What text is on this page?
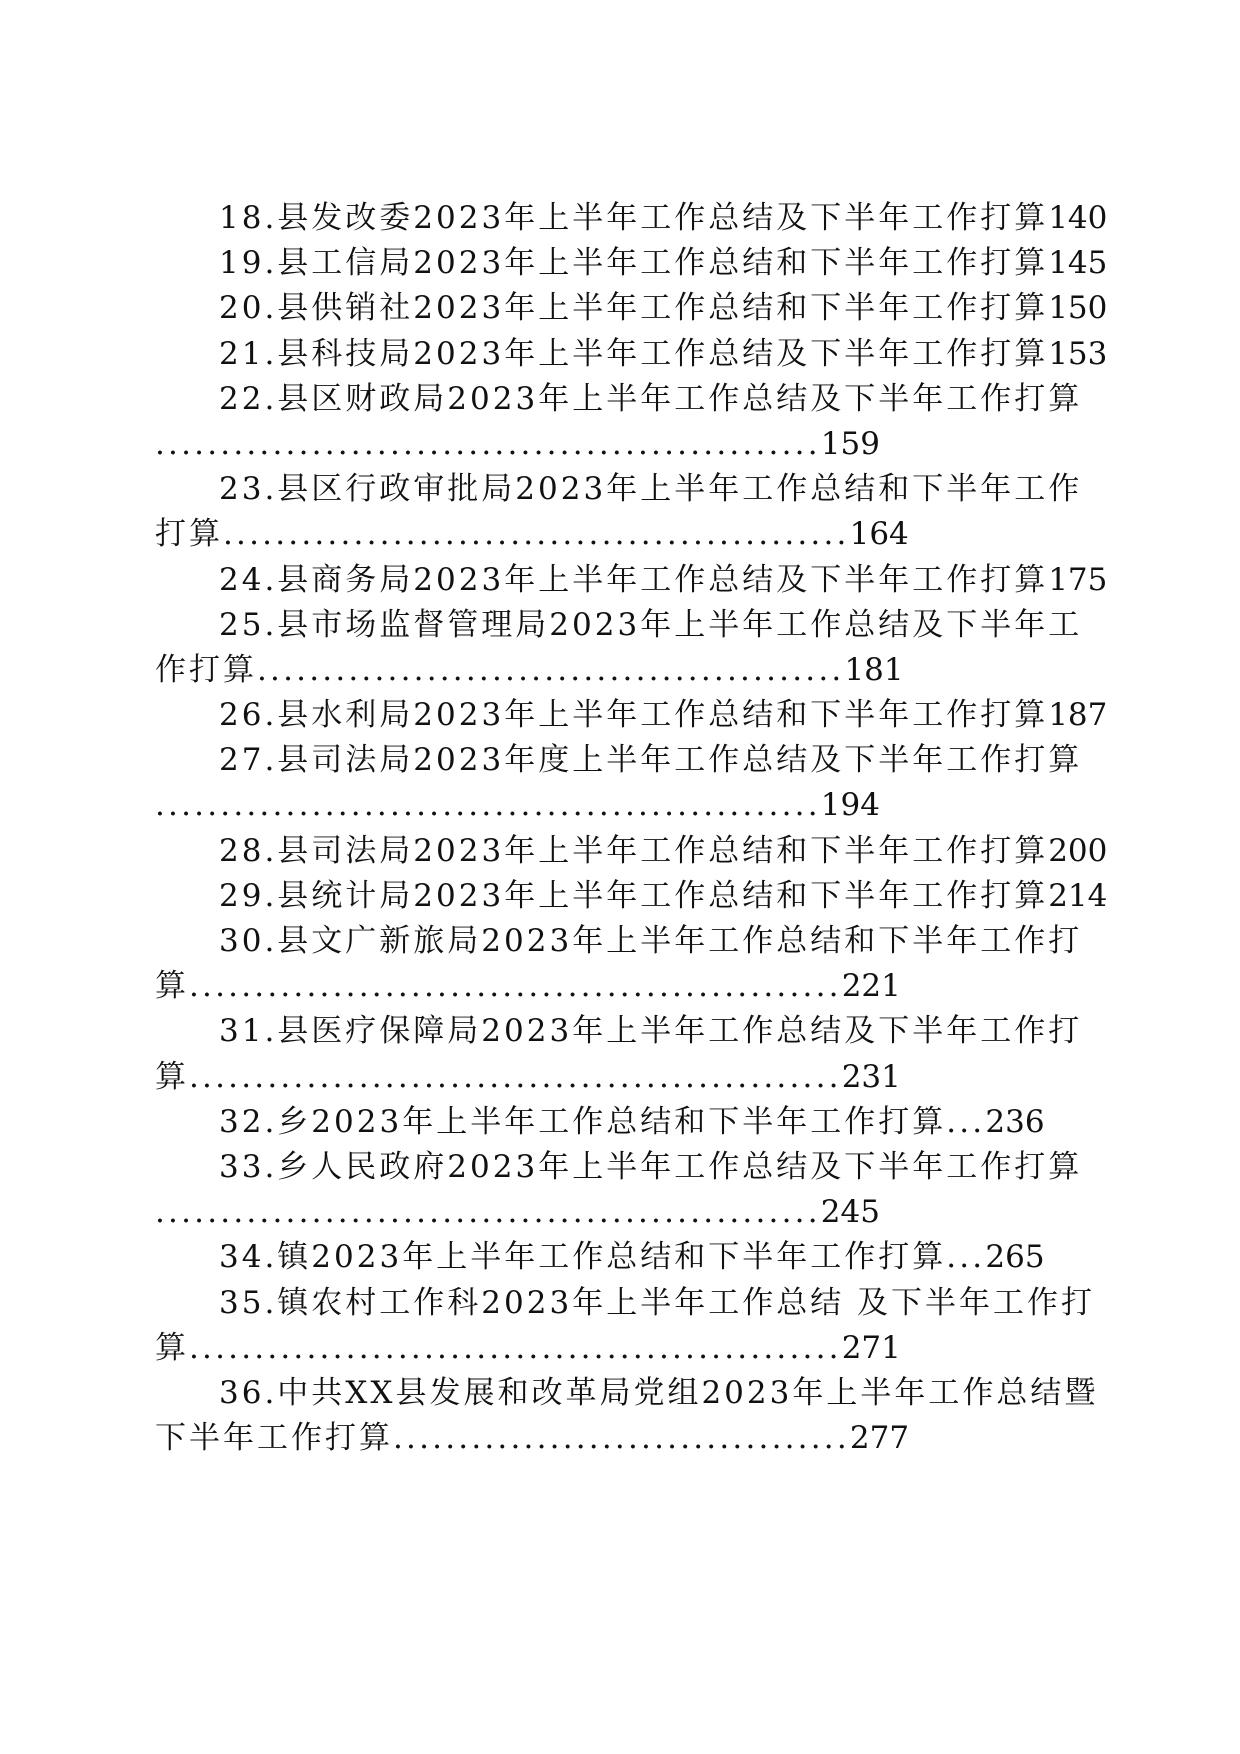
18.县发改委2023年上半年工作总结及下半年工作打算140
19.县工信局2023年上半年工作总结和下半年工作打算145
20.县供销社2023年上半年工作总结和下半年工作打算150
21.县科技局2023年上半年工作总结及下半年工作打算153
22.县区财政局2023年上半年工作总结及下半年工作打算
...................................................159
23.县区行政审批局2023年上半年工作总结和下半年工作
打算................................................164
24.县商务局2023年上半年工作总结及下半年工作打算175
25.县市场监督管理局2023年上半年工作总结及下半年工
作打算.............................................181
26.县水利局2023年上半年工作总结和下半年工作打算187
27.县司法局2023年度上半年工作总结及下半年工作打算
...................................................194
28.县司法局2023年上半年工作总结和下半年工作打算200
29.县统计局2023年上半年工作总结和下半年工作打算214
30.县文广新旅局2023年上半年工作总结和下半年工作打
算..................................................221
31.县医疗保障局2023年上半年工作总结及下半年工作打
算..................................................231
32.乡2023年上半年工作总结和下半年工作打算...236
33.乡人民政府2023年上半年工作总结及下半年工作打算
...................................................245
34.镇2023年上半年工作总结和下半年工作打算...265
35.镇农村工作科2023年上半年工作总结 及下半年工作打
算..................................................271
36.中共XX县发展和改革局党组2023年上半年工作总结暨
下半年工作打算...................................277
